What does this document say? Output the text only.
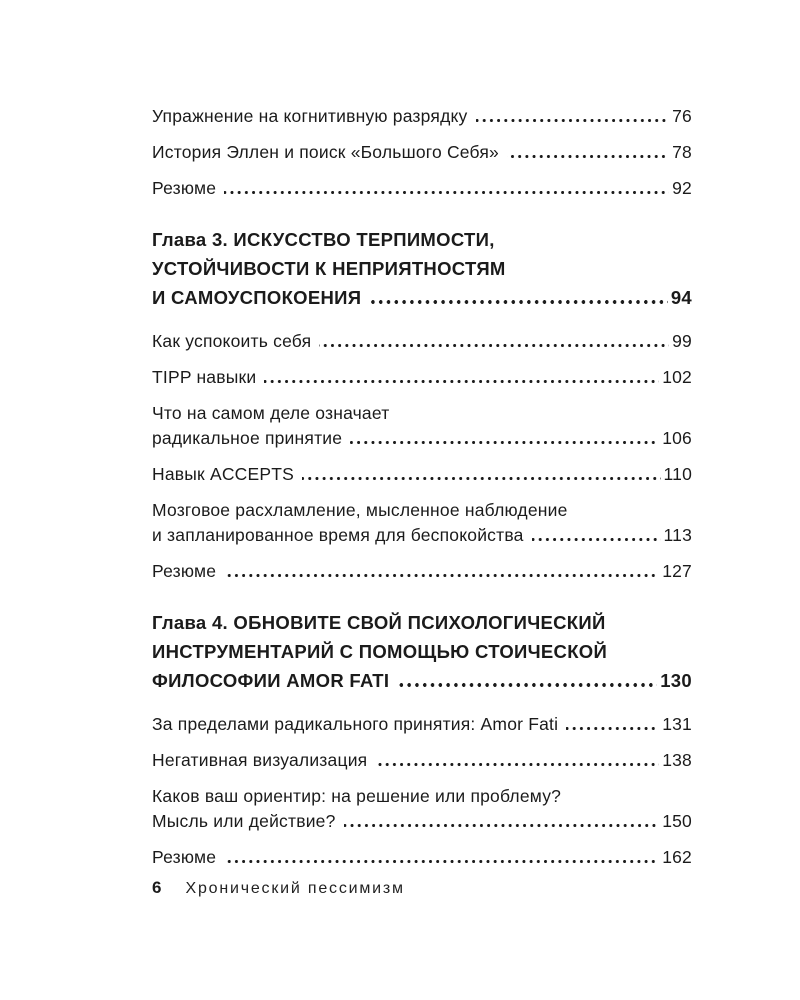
Упражнение на когнитивную разрядку	76
История Эллен и поиск «Большого Себя»	78
Резюме	92
Глава 3. ИСКУССТВО ТЕРПИМОСТИ,
УСТОЙЧИВОСТИ К НЕПРИЯТНОСТЯМ
И САМОУСПОКОЕНИЯ	94
Как успокоить себя	99
TIPP навыки	102
Что на самом деле означает
радикальное принятие	106
Навык ACCEPTS	110
Мозговое расхламление, мысленное наблюдение
и запланированное время для беспокойства	113
Резюме	127
Глава 4. ОБНОВИТЕ СВОЙ ПСИХОЛОГИЧЕСКИЙ
ИНСТРУМЕНТАРИЙ С ПОМОЩЬЮ СТОИЧЕСКОЙ
ФИЛОСОФИИ AMOR FATI	130
За пределами радикального принятия: Amor Fati	131
Негативная визуализация	138
Каков ваш ориентир: на решение или проблему?
Мысль или действие?	150
Резюме	162
6 Хронический пессимизм
